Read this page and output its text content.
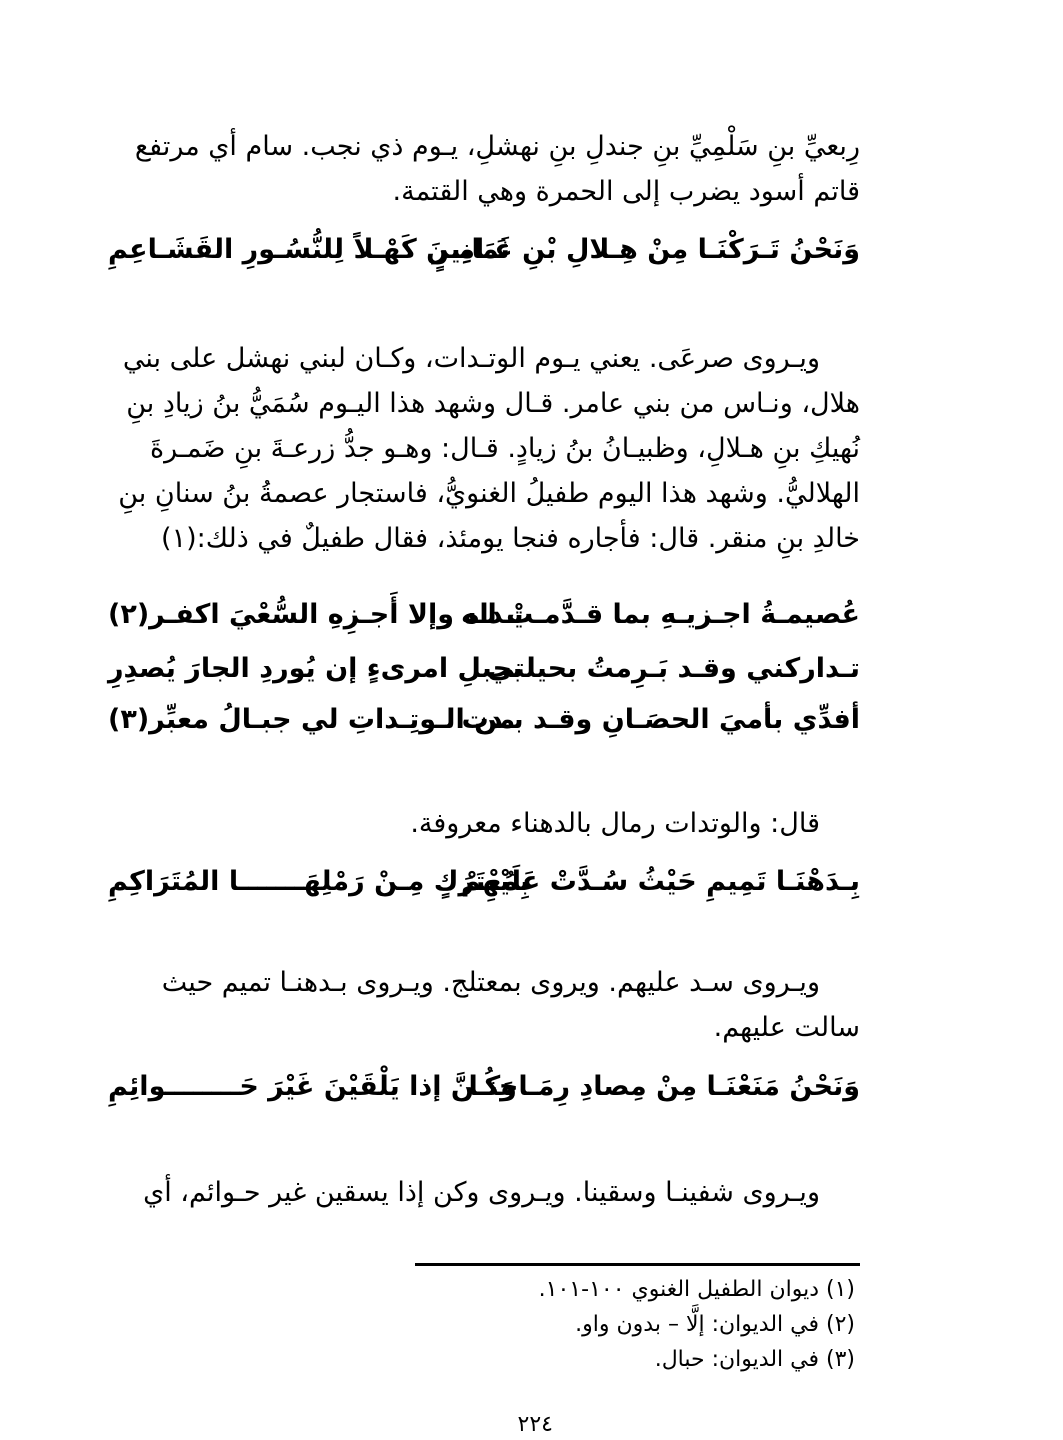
رِبعيِّ بنِ سَلْمِيِّ بنِ جندلِ بنِ نهشلِ، يـوم ذي نجب. سام أي مرتفع
قاتم أسود يضرب إلى الحمرة وهي القتمة.
وَنَحْنُ تَـرَكْنَـا مِنْ هِـلالِ بْنِ عَـامِـرٍ
ثَمَانِينَ كَهْـلاً لِلنُّسُـورِ القَشَـاعِمِ
ويـروى صرعَى. يعني يـوم الوتـدات، وكـان لبني نهشل على بني
هلال، ونـاس من بني عامر. قـال وشهد هذا اليـوم سُمَيُّ بنُ زيادِ بنِ
نُهيكِ بنِ هـلالِ، وظبيـانُ بنُ زيادٍ. قـال: وهـو جدُّ زرعـةَ بنِ ضَمـرةَ
الهلاليُّ. وشهد هذا اليوم طفيلُ الغنويُّ، فاستجار عصمةُ بنُ سنانِ بنِ
خالدِ بنِ منقر. قال: فأجاره فنجا يومئذ، فقال طفيلٌ في ذلك:(١)
عُصيمـةُ اجـزيـهِ بما قـدَّمـتْ لـه
يـداه وإلا أَجـزِهِ السُّعْيَ اكفـر(٢)
تـداركني وقـد بَـرِمتُ بحيلتي
بحبلِ امرىءٍ إن يُوردِ الجارَ يُصدِرِ
أفدِّي بأميَ الحصَـانِ وقـد بـدت
من الـوتِـداتِ لي جبـالُ معبِّر(٣)
قال: والوتدات رمال بالدهناء معروفة.
بِـدَهْنَـا تَمِيمِ حَيْثُ سُـدَّتْ عَلَيْهِمْ
بِمُعْتَرَكٍ مِـنْ رَمْلِهَـــــــا المُتَرَاكِمِ
ويـروى سـد عليهم. ويروى بمعتلج. ويـروى بـدهنـا تميم حيث
سالت عليهم.
وَنَحْنُ مَنَعْنَـا مِنْ مِصادِ رِمَـاحنـا
وَكُـنَّ إذا يَلْقَيْنَ غَيْرَ حَــــــــوائِمِ
ويـروى شفينـا وسقينا. ويـروى وكن إذا يسقين غير حـوائم، أي
(١) ديوان الطفيل الغنوي ١٠٠-١٠١.
(٢) في الديوان: إلَّا – بدون واو.
(٣) في الديوان: حبال.
٢٢٤
